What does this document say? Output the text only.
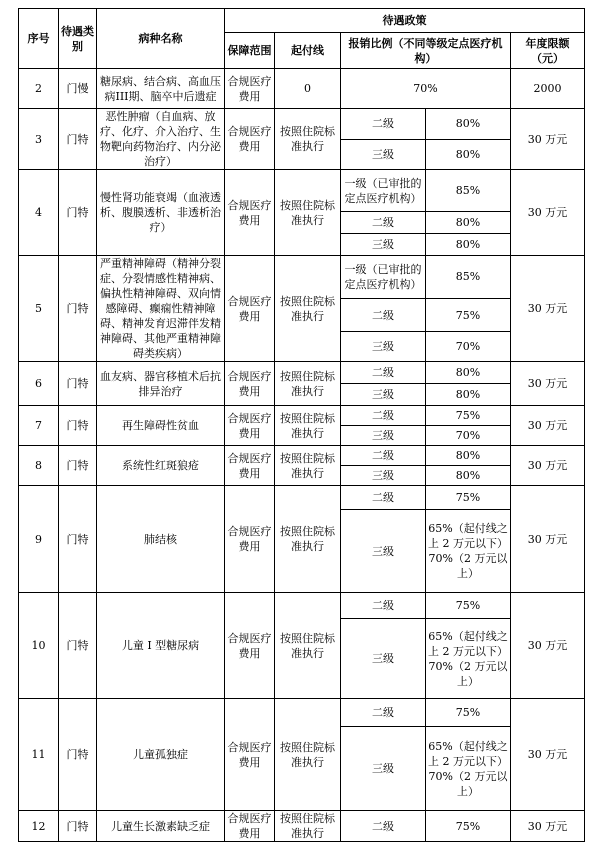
序号	待遇类别	病种名称	待遇政策				
			保障范围	起付线	报销比例（不同等级定点医疗机构）		年度限额（元）
2	门慢	糖尿病、结合病、高血压病III期、脑卒中后遗症	合规医疗费用	0	70%		2000
3	门特	恶性肿瘤（自血病、放疗、化疗、介入治疗、生物靶向药物治疗、内分泌治疗）	合规医疗费用	按照住院标准执行	二级	80%	30 万元
					三级	80%	
4	门特	慢性肾功能衰竭（血液透析、腹膜透析、非透析治疗）	合规医疗费用	按照住院标准执行	一级（已审批的定点医疗机构）	85%	30 万元
					二级	80%	
					三级	80%	
5	门特	严重精神障碍（精神分裂症、分裂情感性精神病、偏执性精神障碍、双向情感障碍、癫痫性精神障碍、精神发育迟滞伴发精神障碍、其他严重精神障碍类疾病）	合规医疗费用	按照住院标准执行	一级（已审批的定点医疗机构）	85%	30 万元
					二级	75%	
					三级	70%	
6	门特	血友病、器官移植术后抗排异治疗	合规医疗费用	按照住院标准执行	二级	80%	30 万元
					三级	80%	
7	门特	再生障碍性贫血	合规医疗费用	按照住院标准执行	二级	75%	30 万元
					三级	70%	
8	门特	系统性红斑狼疮	合规医疗费用	按照住院标准执行	二级	80%	30 万元
					三级	80%	
9	门特	肺结核	合规医疗费用	按照住院标准执行	二级	75%	30 万元
					三级	65%（起付线之上 2 万元以下）70%（2 万元以上）	
10	门特	儿童 I 型糖尿病	合规医疗费用	按照住院标准执行	二级	75%	30 万元
					三级	65%（起付线之上 2 万元以下）70%（2 万元以上）	
11	门特	儿童孤独症	合规医疗费用	按照住院标准执行	二级	75%	30 万元
					三级	65%（起付线之上 2 万元以下）70%（2 万元以上）	
12	门特	儿童生长激素缺乏症	合规医疗费用	按照住院标准执行	二级	75%	30 万元
